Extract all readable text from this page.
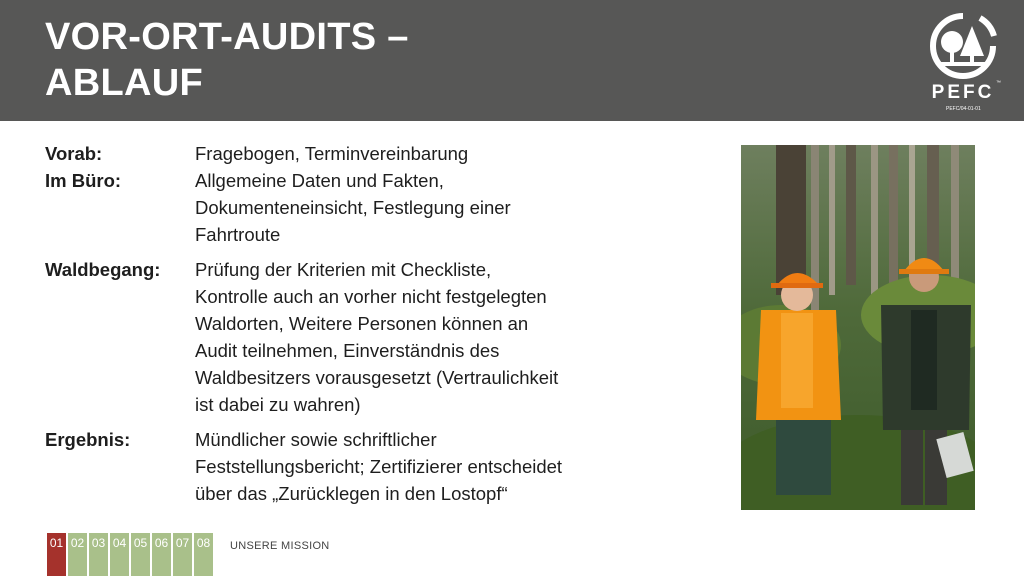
VOR-ORT-AUDITS –
ABLAUF	PEFC ™
PEFC/04-01-01
Vorab:	Fragebogen, Terminvereinbarung
Im Büro:	Allgemeine Daten und Fakten,
Dokumenteneinsicht, Festlegung einer
Fahrtroute
Waldbegang:	Prüfung der Kriterien mit Checkliste,
Kontrolle auch an vorher nicht festgelegten
Waldorten, Weitere Personen können an
Audit teilnehmen, Einverständnis des
Waldbesitzers vorausgesetzt (Vertraulichkeit
ist dabei zu wahren)
Ergebnis:	Mündlicher sowie schriftlicher
Feststellungsbericht; Zertifizierer entscheidet
über das „Zurücklegen in den Lostopf“
01 02 03 04 05 06 07 08 UNSERE MISSION
